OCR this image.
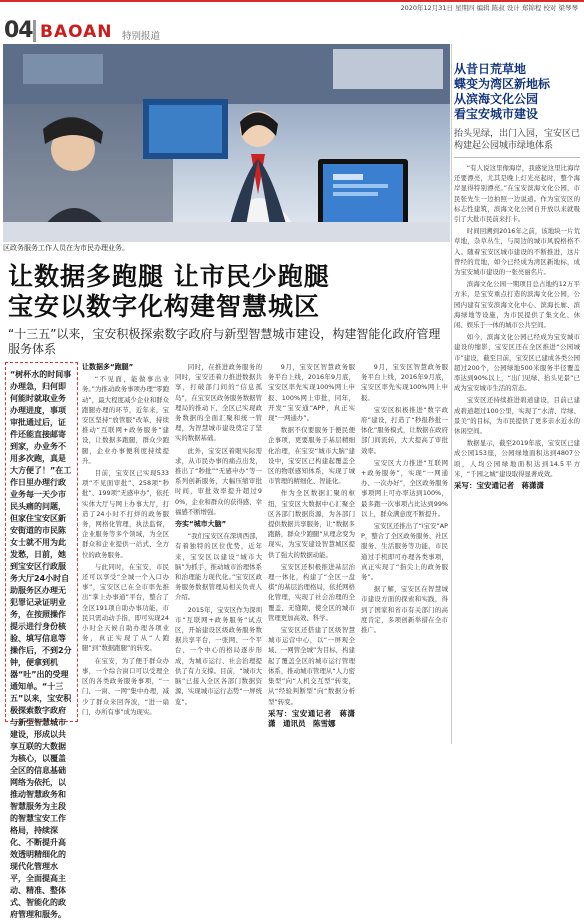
2020年12月31日 星期四 编辑 陈叔 设计 郑锦程 校对 梁琴琴
04 BAOAN 特别报道
区政务服务工作人员在为市民办理业务。
让数据多跑腿 让市民少跑腿
宝安以数字化构建智慧城区
“十三五”以来，宝安积极探索数字政府与新型智慧城市建设，构建智能化政府管理服务体系
“树杯水的时间事办理急，归何即何能时就取业务办理进度，事项审批通过后，证件还能直接邮寄到家，办业务不用多次跑，真是大方便了！”在工作日里办理行政业务每一天少市民头痛的问题，但家住宝安区新安街道的市民陈女士就不用为此发愁，日前，她到宝安区行政服务大厅24小时自助服务区办理无犯罪记录证明业务，在按照操作提示进行身份核验、填写信息等操作后，不到2分钟，便拿到机器“吐”出的受理通知单。“十三五”以来，宝安积极探索数字政府与新型智慧城市建设，形成以共享互联的大数据为核心，以覆盖全区的信息基础网络为依托，以推动智慧政务和智慧服务为主段的智慧宝安工作格局，持续深化、不断提升高效透明精细化的现代化管理水平，全面提高主动、精准、整体式、智能化的政府管理和服务。

让数据多“跑腿”

“不见面，能做事出业务。”为推动政务事项办理“零跑动”，最大程度减少企业和群众跑腿办理的环节，近年来，宝安区坚持“放管服”改革，持续推动“互联网+政务服务”建设，让数据多跑腿，群众少跑腿，企业办事便利度持续提升。

目前，宝安区已实现533项“不见面审批”、258项“秒批”、199项“无感申办”，依托实体大厅与网上办事大厅，打造了24小时不打烊的政务服务，网格化管理，执法监督，企业服务等多个领域，为全区群众和企业提供一站式、全方位的政务服务。

与此同时，在宝安，市民还可以享受“全城一个入口办事”，宝安区已在全市率先推出“掌上办事通”平台，整合了全区191项自助办事功能，市民只需动动手指，即可实现24小时全天候自助办理各项业务，真正实现了从“人跑腿”到“数据跑腿”的转变。

在宝安，为了便于群众办事，一个综合窗口可以受理全区的各类政务服务事项，“一门、一窗、一网”集中办理，减少了群众来回奔波，“进一扇门，办所有事”成为现实。

同时，在推进政务服务的同时，宝安还着力推进数据共享，打破部门间的“信息孤岛”，在宝安区政务服务数据管理局的推动下，全区已实现政务数据的全面汇聚和统一管理，为智慧城市建设奠定了坚实的数据基础。

此外，宝安区着眼实际需求，从市民办事的痛点出发，推出了“秒批”“无感申办”等一系列创新服务，大幅压缩审批时间，审批效率提升超过90%，企业和群众的获得感、幸福感不断增强。

夯实“城市大脑”

“我们宝安区在深圳西部，有着独特的区位优势，近年来，宝安区以建设“城市大脑”为抓手，推动城市治理体系和治理能力现代化。”宝安区政务服务数据管理局相关负责人介绍。

2015年，宝安区作为深圳市“互联网+政务服务”试点区，开始建设区级政务服务数据共享平台，一张网、一个平台、一个中心的格局逐步形成，为城市运行、社会治理提供了有力支撑。目前，“城市大脑”已接入全区各部门数据资源，实现城市运行态势“一屏统览”。

9月，宝安区智慧政务服务平台上线，2016年9月底，宝安区率先实现100%网上申报、100%网上审批，同年，开发“宝安通”APP，真正实现“一网通办”。

数据不仅要服务于便民便企事项，更要服务于基层精细化治理，在宝安“城市大脑”建设中，宝安区已构建起覆盖全区的物联感知体系，实现了城市管理的精细化、智能化。

作为全区数据汇聚的枢纽，宝安区大数据中心汇聚全区各部门数据资源，为各部门提供数据共享服务，让“数据多跑路，群众少跑腿”从理念变为现实，为宝安建设智慧城区提供了强大的数据动能。

宝安区还积极推进基层治理一体化，构建了“全区一盘棋”的基层治理格局，依托网格化管理，实现了社会治理的全覆盖、无缝隙，使全区的城市管理更加高效、科学。

宝安区还搭建了区级智慧城市运营中心，以“一屏观全域、一网管全城”为目标，构建起了覆盖全区的城市运行管理体系，推动城市管理从“人力密集型”向“人机交互型”转变，从“经验判断型”向“数据分析型”转变。

采写：宝安通记者　蒋潇潇　通讯员　陈雪娜

9月，宝安区智慧政务服务平台上线，2016年9月底，宝安区率先实现100%网上申报。

宝安区积极推进“数字政府”建设，打造了“秒报秒批一体化”服务模式，让数据在政府部门间流转，大大提高了审批效率。

宝安区大力推进“互联网+政务服务”，实现“一网通办、一次办好”，全区政务服务事项网上可办率达到100%，最多跑一次事项占比达到99%以上，群众满意度不断提升。

宝安区还推出了“i宝安”APP，整合了全区政务服务、社区服务、生活服务等功能，市民通过手机即可办理各类事项，真正实现了“指尖上的政务服务”。

据了解，宝安区在智慧城市建设方面的探索和实践，得到了国家和省市有关部门的高度肯定，多项创新举措在全市推广。

从昔日荒草地
蝶变为湾区新地标
从滨海文化公园
看宝安城市建设
抬头见绿，出门入园，宝安区已构建起公园城市绿地体系

“有人说这里像海岸，我感觉这里比海岸还要漂亮，尤其是晚上灯光亮起时，整个海岸显得特别漂亮。”在宝安滨海文化公园，市民张先生一边拍照一边说道。作为宝安区的标志性建筑，滨海文化公园自开放以来就吸引了大批市民前来打卡。

时间回溯到2016年之前，该地块一片荒草地，杂草丛生，与周边的城市风貌格格不入。随着宝安区城市建设的不断推进，这片曾经的荒地，如今已经成为湾区新地标，成为宝安城市建设的一张亮丽名片。

滨海文化公园一期项目总占地约12万平方米，是宝安重点打造的滨海文化公园，公园内建有宝安滨海文化中心、滨海长廊、滨海绿地等设施，为市民提供了集文化、休闲、娱乐于一体的城市公共空间。

如今，滨海文化公园已经成为宝安城市建设的缩影，宝安区还在全区推进“公园城市”建设，截至目前，宝安区已建成各类公园超过200个，公园绿地500米服务半径覆盖率达到90%以上，“出门见绿、抬头见景”已成为宝安城市生活的常态。

宝安区还持续推进碧道建设，目前已建成碧道超过100公里，实现了“水清、岸绿、景美”的目标，为市民提供了更多亲水近水的休闲空间。

数据显示，截至2019年底，宝安区已建成公园153座，公园绿地面积达到4807公顷，人均公园绿地面积达到14.5平方米，“千园之城”建设取得显著成效。

采写：宝安通记者　蒋潇潇
